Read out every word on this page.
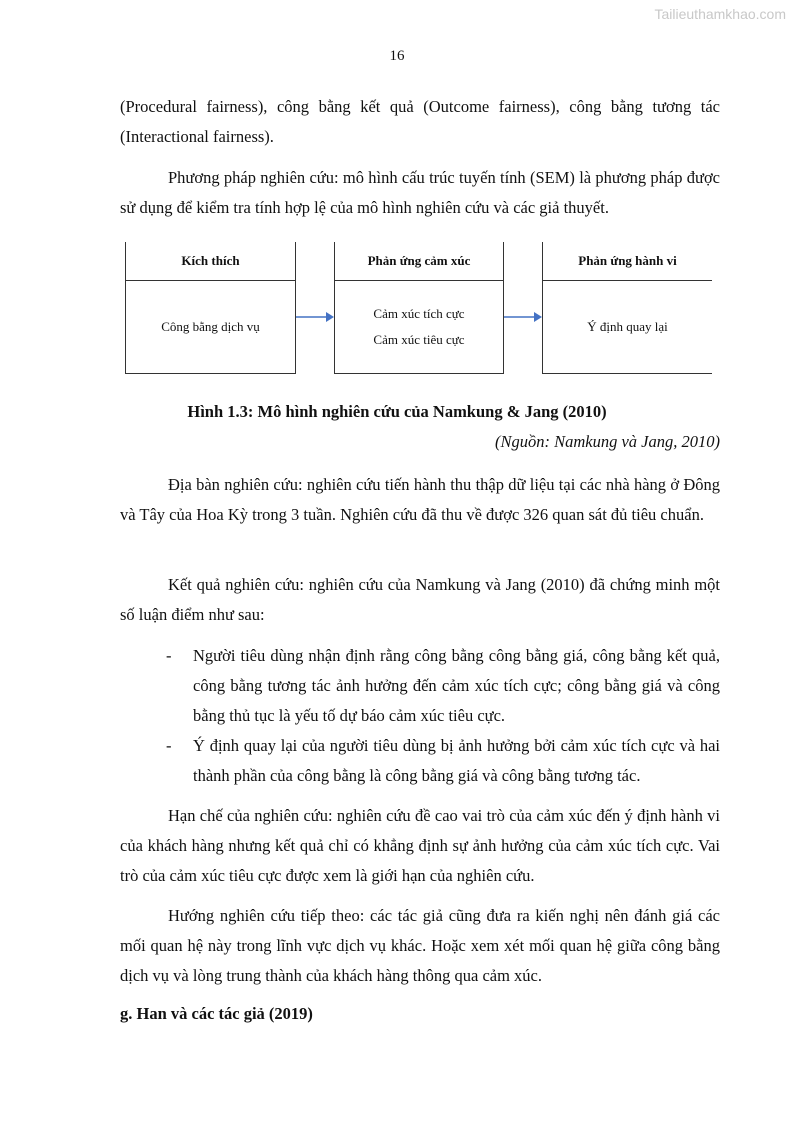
Tailieuthamkhao.com
16
(Procedural fairness), công bằng kết quả (Outcome fairness), công bằng tương tác (Interactional fairness).
Phương pháp nghiên cứu: mô hình cấu trúc tuyến tính (SEM) là phương pháp được sử dụng để kiểm tra tính hợp lệ của mô hình nghiên cứu và các giả thuyết.
Kích thích
Công bằng dịch vụ
Phản ứng cảm xúc
Cảm xúc tích cực
Cảm xúc tiêu cực
Phản ứng hành vi
Ý định quay lại
Hình 1.3: Mô hình nghiên cứu của Namkung & Jang (2010)
(Nguồn: Namkung và Jang, 2010)
Địa bàn nghiên cứu: nghiên cứu tiến hành thu thập dữ liệu tại các nhà hàng ở Đông và Tây của Hoa Kỳ trong 3 tuần. Nghiên cứu đã thu về được 326 quan sát đủ tiêu chuẩn.
Kết quả nghiên cứu: nghiên cứu của Namkung và Jang (2010) đã chứng minh một số luận điểm như sau:
- Người tiêu dùng nhận định rằng công bằng công bằng giá, công bằng kết quả, công bằng tương tác ảnh hưởng đến cảm xúc tích cực; công bằng giá và công bằng thủ tục là yếu tố dự báo cảm xúc tiêu cực.
- Ý định quay lại của người tiêu dùng bị ảnh hưởng bởi cảm xúc tích cực và hai thành phần của công bằng là công bằng giá và công bằng tương tác.
Hạn chế của nghiên cứu: nghiên cứu đề cao vai trò của cảm xúc đến ý định hành vi của khách hàng nhưng kết quả chỉ có khẳng định sự ảnh hưởng của cảm xúc tích cực. Vai trò của cảm xúc tiêu cực được xem là giới hạn của nghiên cứu.
Hướng nghiên cứu tiếp theo: các tác giả cũng đưa ra kiến nghị nên đánh giá các mối quan hệ này trong lĩnh vực dịch vụ khác. Hoặc xem xét mối quan hệ giữa công bằng dịch vụ và lòng trung thành của khách hàng thông qua cảm xúc.
g. Han và các tác giả (2019)
